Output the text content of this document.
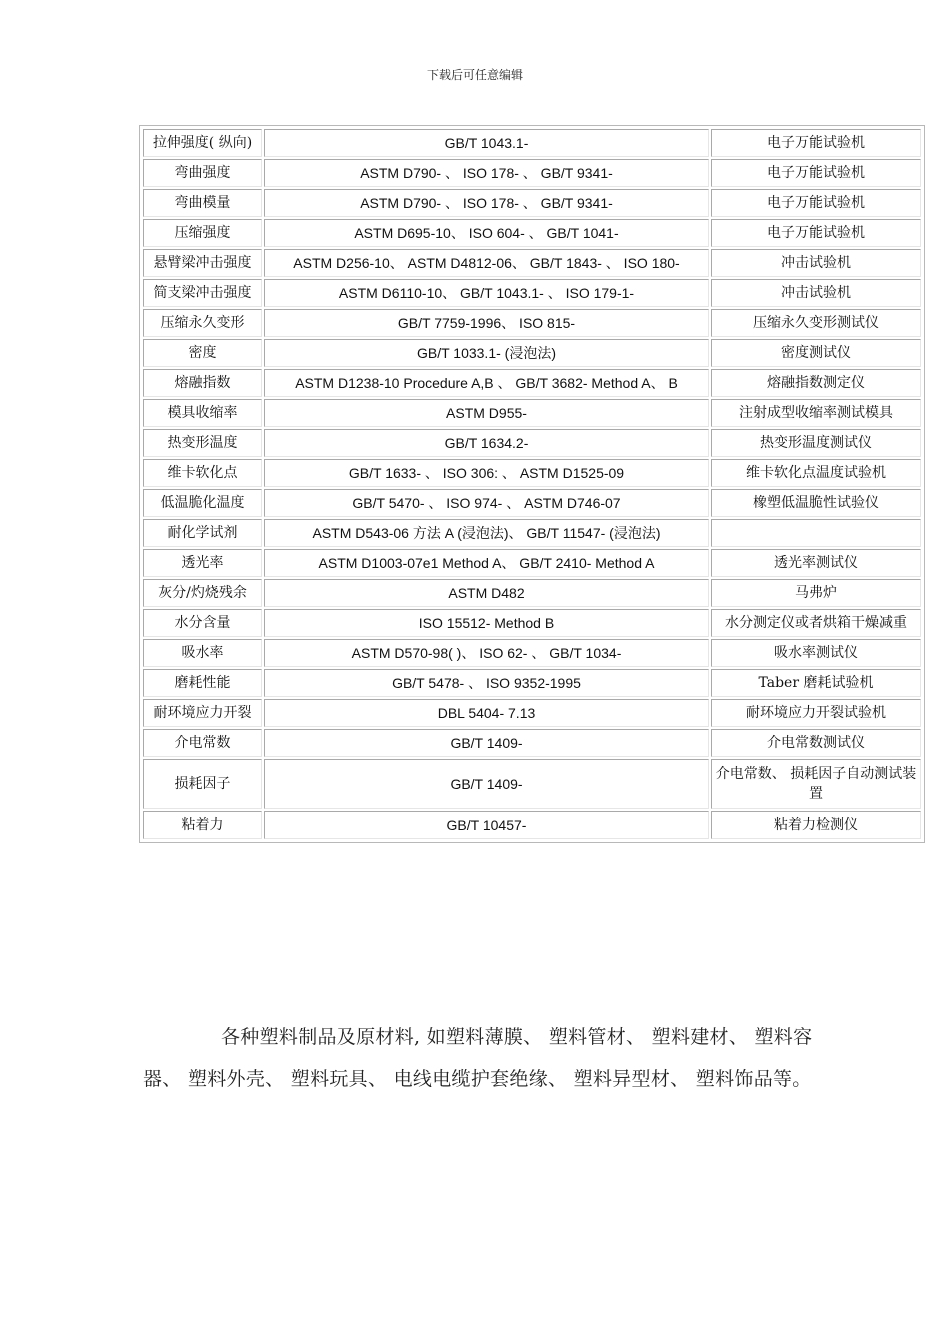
下载后可任意编辑
拉伸强度( 纵向)	GB/T 1043.1-	电子万能试验机
弯曲强度	ASTM D790- 、 ISO 178- 、 GB/T 9341-	电子万能试验机
弯曲模量	ASTM D790- 、 ISO 178- 、 GB/T 9341-	电子万能试验机
压缩强度	ASTM D695-10、 ISO 604- 、 GB/T 1041-	电子万能试验机
悬臂梁冲击强度	ASTM D256-10、 ASTM D4812-06、 GB/T 1843- 、 ISO 180-	冲击试验机
简支梁冲击强度	ASTM D6110-10、 GB/T 1043.1- 、 ISO 179-1-	冲击试验机
压缩永久变形	GB/T 7759-1996、 ISO 815-	压缩永久变形测试仪
密度	GB/T 1033.1- (浸泡法)	密度测试仪
熔融指数	ASTM D1238-10 Procedure A,B 、 GB/T 3682- Method A、 B	熔融指数测定仪
模具收缩率	ASTM D955-	注射成型收缩率测试模具
热变形温度	GB/T 1634.2-	热变形温度测试仪
维卡软化点	GB/T 1633- 、 ISO 306: 、 ASTM D1525-09	维卡软化点温度试验机
低温脆化温度	GB/T 5470- 、 ISO 974- 、 ASTM D746-07	橡塑低温脆性试验仪
耐化学试剂	ASTM D543-06 方法 A (浸泡法)、 GB/T 11547- (浸泡法)	
透光率	ASTM D1003-07e1 Method A、 GB/T 2410- Method A	透光率测试仪
灰分/灼烧残余	ASTM D482	马弗炉
水分含量	ISO 15512- Method B	水分测定仪或者烘箱干燥减重
吸水率	ASTM D570-98( )、 ISO 62- 、 GB/T 1034-	吸水率测试仪
磨耗性能	GB/T 5478- 、 ISO 9352-1995	Taber 磨耗试验机
耐环境应力开裂	DBL 5404- 7.13	耐环境应力开裂试验机
介电常数	GB/T 1409-	介电常数测试仪
损耗因子	GB/T 1409-	介电常数、 损耗因子自动测试装置
粘着力	GB/T 10457-	粘着力检测仪
各种塑料制品及原材料, 如塑料薄膜、 塑料管材、 塑料建材、 塑料容器、 塑料外壳、 塑料玩具、 电线电缆护套绝缘、 塑料异型材、 塑料饰品等。
